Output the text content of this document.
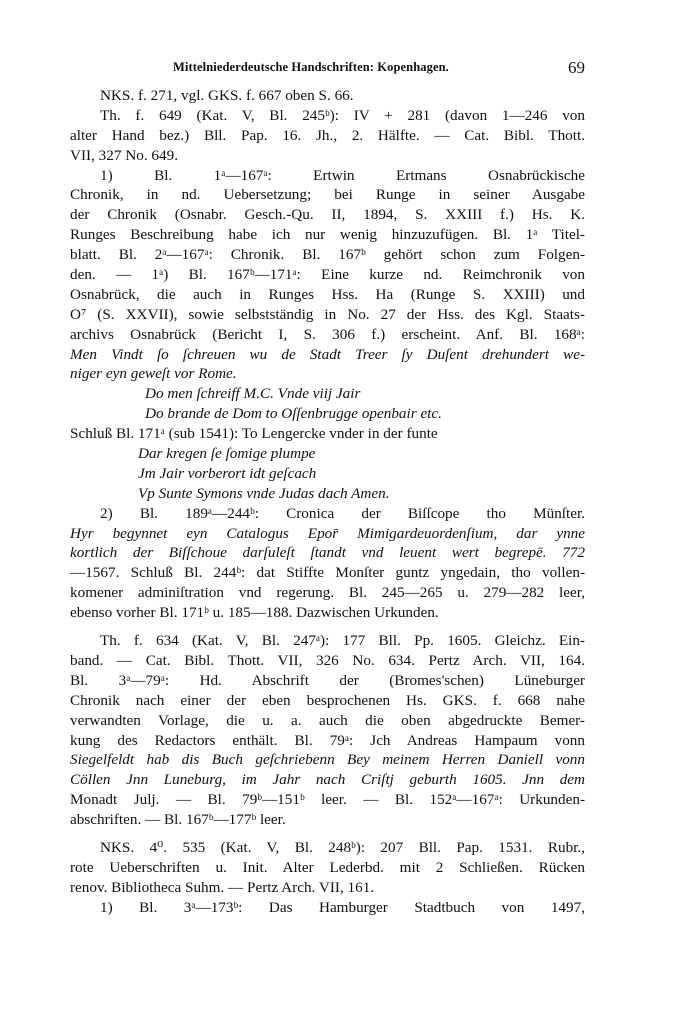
Mittelniederdeutsche Handschriften: Kopenhagen.	69
NKS. f. 271, vgl. GKS. f. 667 oben S. 66.
Th. f. 649 (Kat. V, Bl. 245ᵇ): IV + 281 (davon 1—246 von
alter Hand bez.) Bll. Pap. 16. Jh., 2. Hälfte. — Cat. Bibl. Thott.
VII, 327 No. 649.
1) Bl. 1ᵃ—167ᵃ: Ertwin Ertmans Osnabrückische
Chronik, in nd. Uebersetzung; bei Runge in seiner Ausgabe
der Chronik (Osnabr. Gesch.-Qu. II, 1894, S. XXIII f.) Hs. K.
Runges Beschreibung habe ich nur wenig hinzuzufügen. Bl. 1ᵃ Titel-
blatt. Bl. 2ᵃ—167ᵃ: Chronik. Bl. 167ᵇ gehört schon zum Folgen-
den. — 1ᵃ) Bl. 167ᵇ—171ᵃ: Eine kurze nd. Reimchronik von
Osnabrück, die auch in Runges Hss. Ha (Runge S. XXIII) und
O⁷ (S. XXVII), sowie selbstständig in No. 27 der Hss. des Kgl. Staats-
archivs Osnabrück (Bericht I, S. 306 f.) erscheint. Anf. Bl. 168ᵃ:
Men Vindt ſo ſchreuen wu de Stadt Treer ſy Duſent drehundert we-
niger eyn geweſt vor Rome.
Do men ſchreiff M.C. Vnde viij Jair
Do brande de Dom to Oſſenbrugge openbair etc.
Schluß Bl. 171ᵃ (sub 1541): To Lengercke vnder in der funte
Dar kregen ſe ſomige plumpe
Jm Jair vorberort idt geſcach
Vp Sunte Symons vnde Judas dach Amen.
2) Bl. 189ᵃ—244ᵇ: Cronica der Biſſcope tho Münſter.
Hyr begynnet eyn Catalogus Epor̄ Mimigardeuordenſium, dar ynne
kortlich der Biſſchoue darſuleſt ſtandt vnd leuent wert begrepē. 772
—1567. Schluß Bl. 244ᵇ: dat Stiffte Monſter guntz yngedain, tho vollen-
komener adminiſtration vnd regerung. Bl. 245—265 u. 279—282 leer,
ebenso vorher Bl. 171ᵇ u. 185—188. Dazwischen Urkunden.
Th. f. 634 (Kat. V, Bl. 247ᵃ): 177 Bll. Pp. 1605. Gleichz. Ein-
band. — Cat. Bibl. Thott. VII, 326 No. 634. Pertz Arch. VII, 164.
Bl. 3ᵃ—79ᵃ: Hd. Abschrift der (Bromes'schen) Lüneburger
Chronik nach einer der eben besprochenen Hs. GKS. f. 668 nahe
verwandten Vorlage, die u. a. auch die oben abgedruckte Bemer-
kung des Redactors enthält. Bl. 79ᵃ: Jch Andreas Hampaum vonn
Siegelfeldt hab dis Buch geſchriebenn Bey meinem Herren Daniell vonn
Cöllen Jnn Luneburg, im Jahr nach Criſtj geburth 1605. Jnn dem
Monadt Julj. — Bl. 79ᵇ—151ᵇ leer. — Bl. 152ᵃ—167ᵃ: Urkunden-
abschriften. — Bl. 167ᵇ—177ᵇ leer.
NKS. 4⁰. 535 (Kat. V, Bl. 248ᵇ): 207 Bll. Pap. 1531. Rubr.,
rote Ueberschriften u. Init. Alter Lederbd. mit 2 Schließen. Rücken
renov. Bibliotheca Suhm. — Pertz Arch. VII, 161.
1) Bl. 3ᵃ—173ᵇ: Das Hamburger Stadtbuch von 1497,
